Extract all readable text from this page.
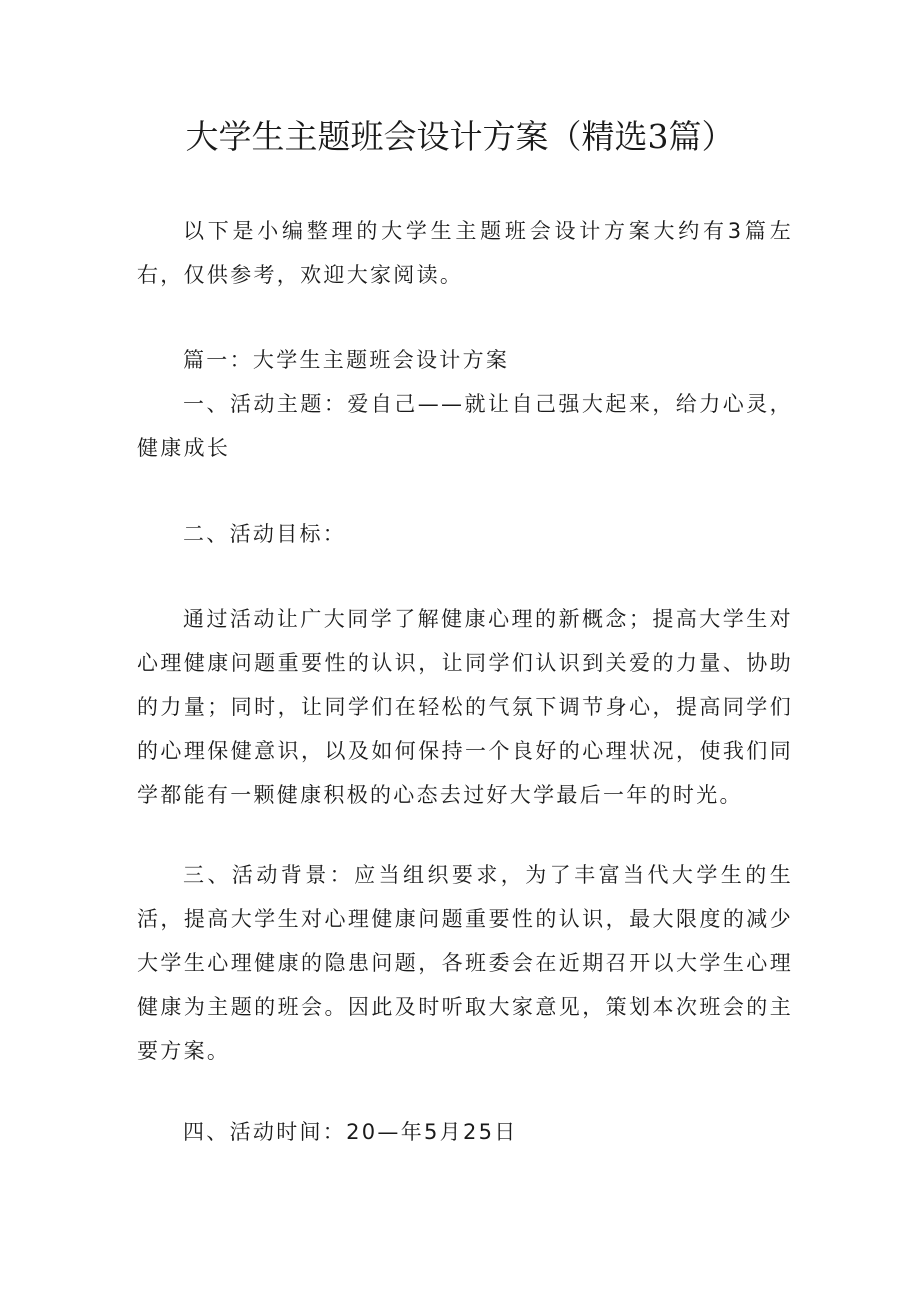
大学生主题班会设计方案（精选3篇）

以下是小编整理的大学生主题班会设计方案大约有3篇左右，仅供参考，欢迎大家阅读。

篇一：大学生主题班会设计方案

一、活动主题：爱自己——就让自己强大起来，给力心灵，健康成长

二、活动目标：

通过活动让广大同学了解健康心理的新概念；提高大学生对心理健康问题重要性的认识，让同学们认识到关爱的力量、协助的力量；同时，让同学们在轻松的气氛下调节身心，提高同学们的心理保健意识，以及如何保持一个良好的心理状况，使我们同学都能有一颗健康积极的心态去过好大学最后一年的时光。

三、活动背景：应当组织要求，为了丰富当代大学生的生活，提高大学生对心理健康问题重要性的认识，最大限度的减少大学生心理健康的隐患问题，各班委会在近期召开以大学生心理健康为主题的班会。因此及时听取大家意见，策划本次班会的主要方案。

四、活动时间：20—年5月25日
